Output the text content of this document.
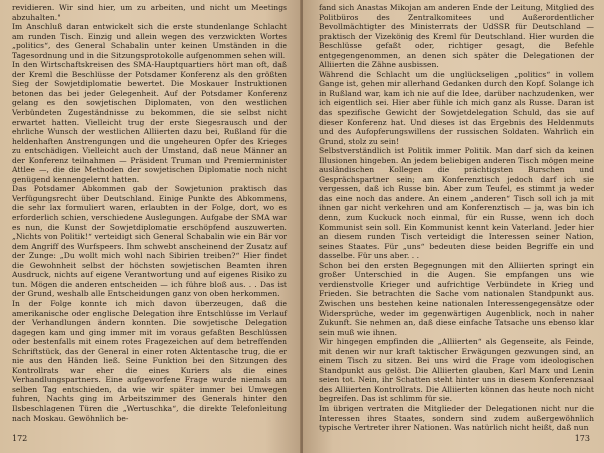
revidieren. Wir sind hier, um zu arbeiten, und nicht um Meetings abzuhalten."

Im Anschluß daran entwickelt sich die erste stundenlange Schlacht am runden Tisch. Einzig und allein wegen des verzwickten Wortes „politics“, des General Schabalin unter keinen Umständen in die Tagesordnung und in die Sitzungsprotokolle aufgenommen sehen will.

In den Wirtschaftskreisen des SMA-Hauptquartiers hört man oft, daß der Kreml die Beschlüsse der Potsdamer Konferenz als den größten Sieg der Sowjetdiplomatie bewertet. Die Moskauer Instruktionen betonen das bei jeder Gelegenheit. Auf der Potsdamer Konferenz gelang es den sowjetischen Diplomaten, von den westlichen Verbündeten Zugeständnisse zu bekommen, die sie selbst nicht erwartet hatten. Vielleicht trug der erste Siegesrausch und der ehrliche Wunsch der westlichen Alliierten dazu bei, Rußland für die heldenhaften Anstrengungen und die ungeheuren Opfer des Krieges zu entschädigen. Vielleicht auch der Umstand, daß neue Männer an der Konferenz teilnahmen — Präsident Truman und Premierminister Attlee —, die die Methoden der sowjetischen Diplomatie noch nicht genügend kennengelernt hatten.

Das Potsdamer Abkommen gab der Sowjetunion praktisch das Verfügungsrecht über Deutschland. Einige Punkte des Abkommens, die sehr lax formuliert waren, erlaubten in der Folge, dort, wo es erforderlich schien, verschiedene Auslegungen. Aufgabe der SMA war es nun, die Kunst der Sowjetdiplomatie erschöpfend auszuwerten. „Nichts von Politik!“ verteidigt sich General Schabalin wie ein Bär vor dem Angriff des Wurfspeers. Ihm schwebt anscheinend der Zusatz auf der Zunge: „Du wollt mich wohl nach Sibirien treiben?“ Hier findet die Gewohnheit selbst der höchsten sowjetischen Beamten ihren Ausdruck, nichts auf eigene Verantwortung und auf eigenes Risiko zu tun. Mögen die anderen entscheiden — ich führe bloß aus. . . Das ist der Grund, weshalb alle Entscheidungen ganz von oben herkommen.

In der Folge konnte ich mich davon überzeugen, daß die amerikanische oder englische Delegation ihre Entschlüsse im Verlauf der Verhandlungen ändern konnten. Die sowjetische Delegation dagegen kam und ging immer mit im voraus gefaßten Beschlüssen oder bestenfalls mit einem rotes Fragezeichen auf dem betreffenden Schriftstück, das der General in einer roten Aktentasche trug, die er nie aus den Händen ließ. Seine Funktion bei den Sitzungen des Kontrollrats war eher die eines Kuriers als die eines Verhandlungspartners. Eine aufgeworfene Frage wurde niemals am selben Tag entschieden, da wie wir später immer bei Umwegen fuhren, Nachts ging im Arbeitszimmer des Generals hinter den Ilsbeschlagenen Türen die „Wertuschka“, die direkte Telefonleitung nach Moskau. Gewöhnlich be-

172

fand sich Anastas Mikojan am anderen Ende der Leitung, Mitglied des Politbüros des Zentralkomitees und Außerordentlicher Bevollmächtigter des Ministerrats der UdSSR für Deutschland — praktisch der Vizekönig des Kreml für Deutschland. Hier wurden die Beschlüsse gefaßt oder, richtiger gesagt, die Befehle entgegengenommen, an denen sich später die Delegationen der Alliierten die Zähne ausbissen.

Während die Schlacht um die unglückseligen „politics“ in vollem Gange ist, gehen mir allerhand Gedanken durch den Kopf. Solange ich in Rußland war, kam ich nie auf die Idee, darüber nachzudenken, wer ich eigentlich sei. Hier aber fühle ich mich ganz als Russe. Daran ist das spezifische Gewicht der Sowjetdelegation Schuld, das sie auf dieser Konferenz hat. Und dieses ist das Ergebnis des Heldenmuts und des Aufopferungswillens der russischen Soldaten. Wahrlich ein Grund, stolz zu sein!

Selbstverständlich ist Politik immer Politik. Man darf sich da keinen Illusionen hingeben. An jedem beliebigen anderen Tisch mögen meine ausländischen Kollegen die prächtigsten Burschen und Gesprächspartner sein; am Konferenztisch jedoch darf ich sie vergessen, daß ich Russe bin. Aber zum Teufel, es stimmt ja weder das eine noch das andere. An einem „anderen“ Tisch soll ich ja mit ihnen gar nicht verkehren und am Konferenztisch — ja, was bin ich denn, zum Kuckuck noch einmal, für ein Russe, wenn ich doch Kommunist sein soll. Ein Kommunist kennt kein Vaterland. Jeder hier an diesem runden Tisch verteidigt die Interessen seiner Nation, seines Staates. Für „uns“ bedeuten diese beiden Begriffe ein und dasselbe. Für uns aber. . .

Schon bei den ersten Begegnungen mit den Alliierten springt ein großer Unterschied in die Augen. Sie empfangen uns wie verdienstvolle Krieger und aufrichtige Verbündete in Krieg und Frieden. Sie betrachten die Sache vom nationalen Standpunkt aus. Zwischen uns bestehen keine nationalen Interessengegensätze oder Widersprüche, weder im gegenwärtigen Augenblick, noch in naher Zukunft. Sie nehmen an, daß diese einfache Tatsache uns ebenso klar sein muß wie ihnen.

Wir hingegen empfinden die „Alliierten“ als Gegenseite, als Feinde, mit denen wir nur kraft taktischer Erwägungen gezwungen sind, an einem Tisch zu sitzen. Bei uns wird die Frage vom ideologischen Standpunkt aus gelöst. Die Alliierten glauben, Karl Marx und Lenin seien tot. Nein, ihr Schatten steht hinter uns in diesem Konferenzsaal des Alliierten Kontrollrats. Die Alliierten können das heute noch nicht begreifen. Das ist schlimm für sie.

Im übrigen vertraten die Mitglieder der Delegationen nicht nur die Interessen ihres Staates, sondern sind zudem außergewöhnlich typische Vertreter ihrer Nationen. Was natürlich nicht heißt, daß nun

173
